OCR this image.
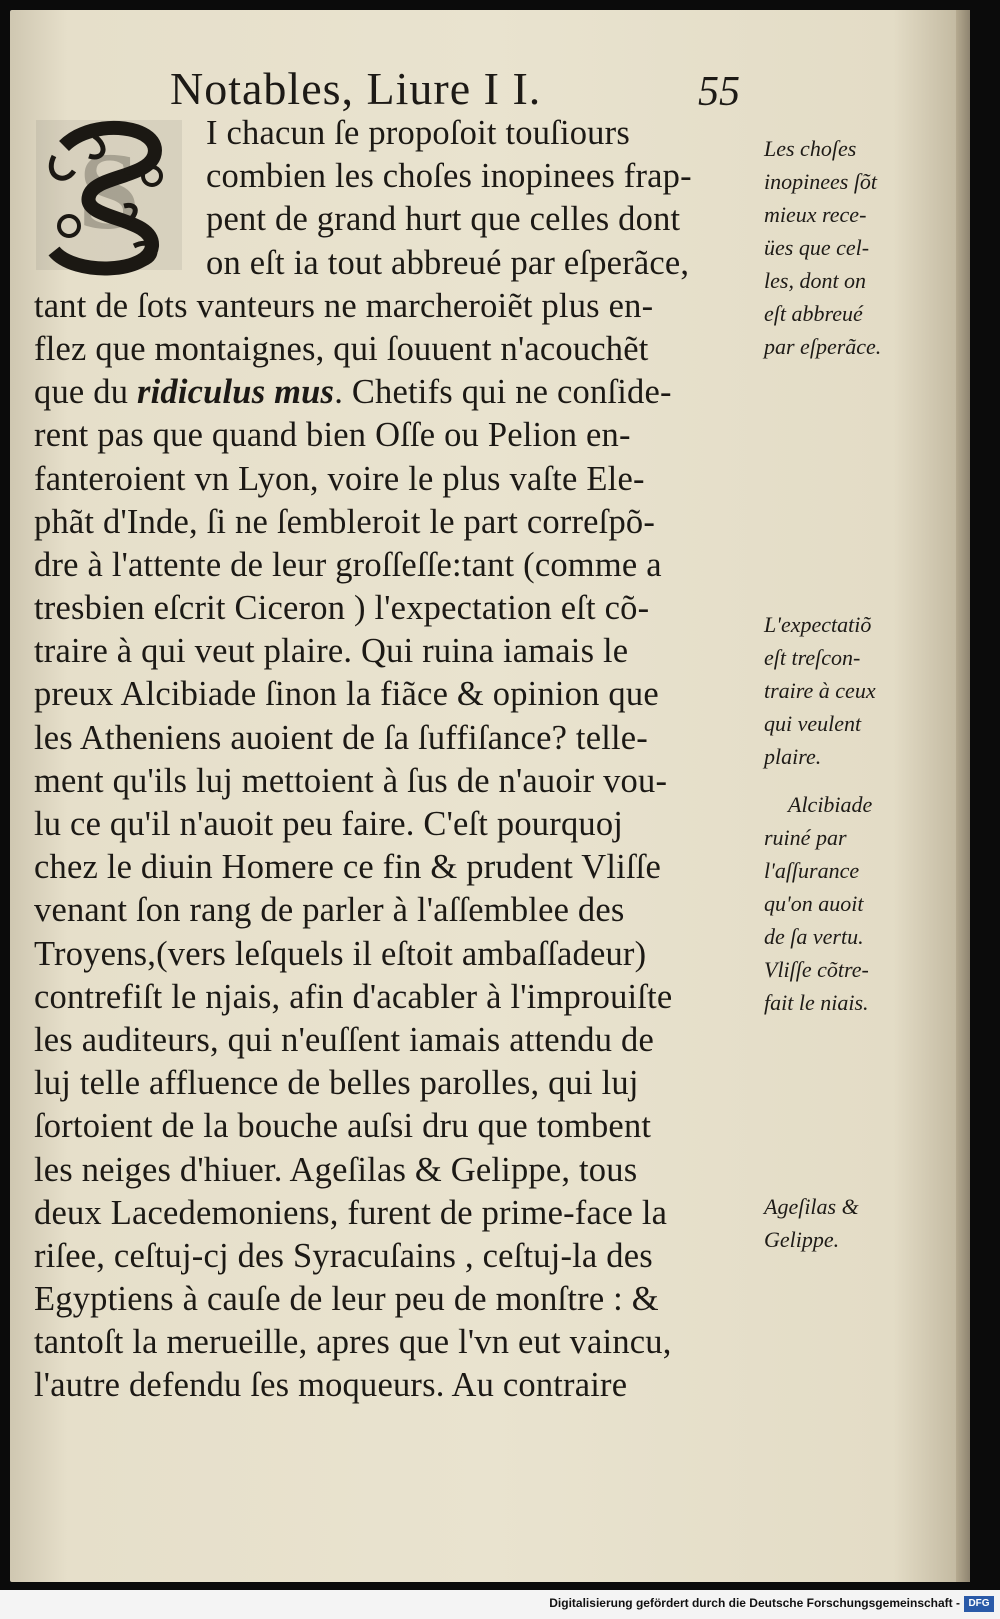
Notables, Liure I I.	55
S	I chacun ſe propoſoit touſiours
combien les choſes inopinees frap-
pent de grand hurt que celles dont
on eſt ia tout abbreué par eſperãce,
tant de ſots vanteurs ne marcheroiẽt plus en-
flez que montaignes, qui ſouuent n'acouchẽt
que du ridiculus mus. Chetifs qui ne conſide-
rent pas que quand bien Oſſe ou Pelion en-
fanteroient vn Lyon, voire le plus vaſte Ele-
phãt d'Inde, ſi ne ſembleroit le part correſpõ-
dre à l'attente de leur groſſeſſe:tant (comme a
tresbien eſcrit Ciceron ) l'expectation eſt cõ-
traire à qui veut plaire. Qui ruina iamais le
preux Alcibiade ſinon la fiãce & opinion que
les Atheniens auoient de ſa ſuffiſance? telle-
ment qu'ils luj mettoient à ſus de n'auoir vou-
lu ce qu'il n'auoit peu faire. C'eſt pourquoj
chez le diuin Homere ce fin & prudent Vliſſe
venant ſon rang de parler à l'aſſemblee des
Troyens,(vers leſquels il eſtoit ambaſſadeur)
contrefiſt le njais, afin d'acabler à l'improuiſte
les auditeurs, qui n'euſſent iamais attendu de
luj telle affluence de belles parolles, qui luj
ſortoient de la bouche auſsi dru que tombent
les neiges d'hiuer. Ageſilas & Gelippe, tous
deux Lacedemoniens, furent de prime-face la
riſee, ceſtuj-cj des Syracuſains , ceſtuj-la des
Egyptiens à cauſe de leur peu de monſtre : &
tantoſt la merueille, apres que l'vn eut vaincu,
l'autre defendu ſes moqueurs. Au contraire
Les choſes
inopinees ſõt
mieux rece-
ües que cel-
les, dont on
eſt abbreué
par eſperãce.
L'expectatiõ
eſt treſcon-
traire à ceux
qui veulent
plaire.
Alcibiade
ruiné par
l'aſſurance
qu'on auoit
de ſa vertu.
Vliſſe cõtre-
fait le niais.
Ageſilas &
Gelippe.
Digitalisierung gefördert durch die Deutsche Forschungsgemeinschaft - DFG
